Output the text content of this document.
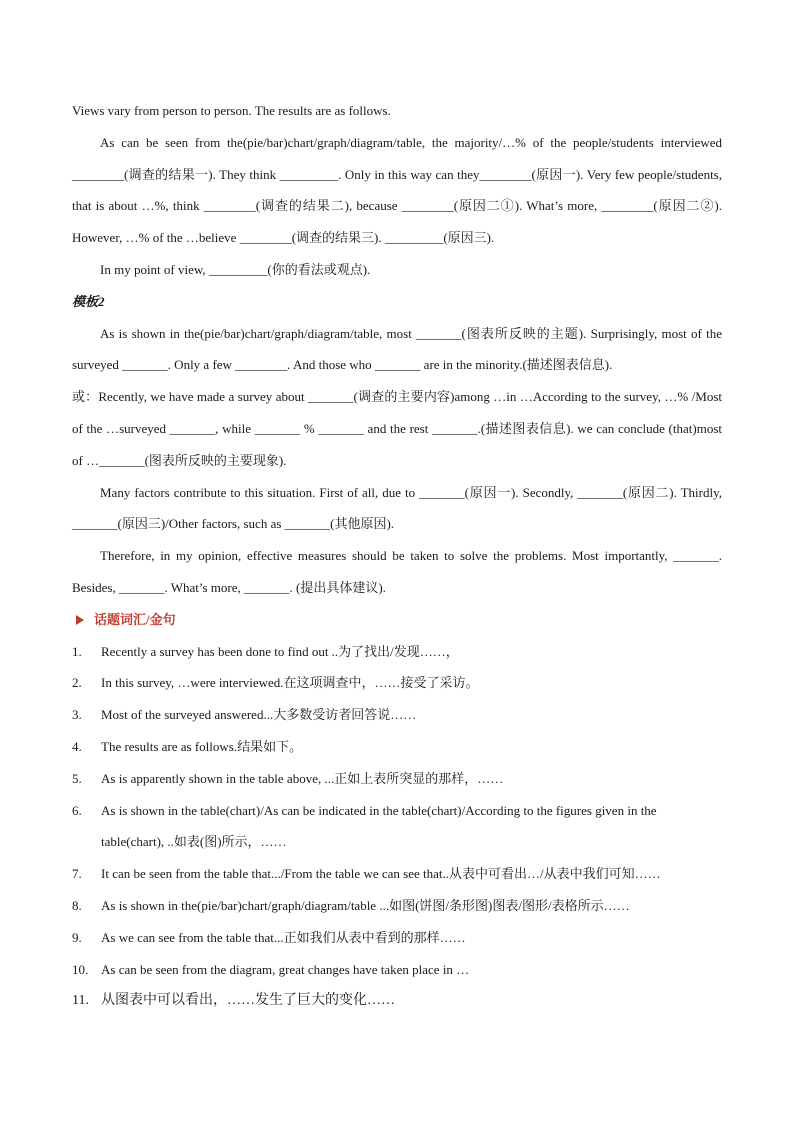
Views vary from person to person. The results are as follows.

As can be seen from the(pie/bar)chart/graph/diagram/table, the majority/…% of the people/students interviewed ________(调查的结果一). They think _________. Only in this way can they________(原因一). Very few people/students, that is about …%, think ________(调查的结果二), because ________(原因二①). What’s more, ________(原因二②). However, …% of the …believe ________(调查的结果三). _________(原因三).

In my point of view, _________(你的看法或观点).

模板2

As is shown in the(pie/bar)chart/graph/diagram/table, most _______(图表所反映的主题). Surprisingly, most of the surveyed _______. Only a few ________. And those who _______ are in the minority.(描述图表信息).

或：Recently, we have made a survey about _______(调查的主要内容)among …in …According to the survey, …% /Most of the …surveyed _______, while _______ % _______ and the rest _______.(描述图表信息). we can conclude (that)most of …_______(图表所反映的主要现象).

Many factors contribute to this situation. First of all, due to _______(原因一). Secondly, _______(原因二). Thirdly, _______(原因三)/Other factors, such as _______(其他原因).

Therefore, in my opinion, effective measures should be taken to solve the problems. Most importantly, _______. Besides, _______. What’s more, _______. (提出具体建议).

话题词汇/金句
1.	Recently a survey has been done to find out ..为了找出/发现……，
2.	In this survey, …were interviewed.在这项调查中，……接受了采访。
3.	Most of the surveyed answered...大多数受访者回答说……
4.	The results are as follows.结果如下。
5.	As is apparently shown in the table above, ...正如上表所突显的那样，……
6.	As is shown in the table(chart)/As can be indicated in the table(chart)/According to the figures given in the table(chart), ..如表(图)所示，……
7.	It can be seen from the table that.../From the table we can see that..从表中可看出…/从表中我们可知……
8.	As is shown in the(pie/bar)chart/graph/diagram/table ...如图(饼图/条形图)图表/图形/表格所示……
9.	As we can see from the table that...正如我们从表中看到的那样……
10. As can be seen from the diagram, great changes have taken place in …
11. 从图表中可以看出，……发生了巨大的变化……
